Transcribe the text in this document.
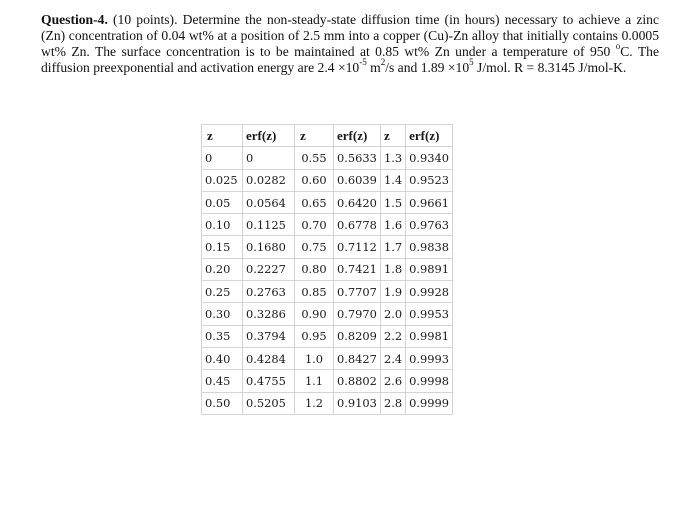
Question-4. (10 points). Determine the non-steady-state diffusion time (in hours) necessary to achieve a zinc (Zn) concentration of 0.04 wt% at a position of 2.5 mm into a copper (Cu)-Zn alloy that initially contains 0.0005 wt% Zn. The surface concentration is to be maintained at 0.85 wt% Zn under a temperature of 950 $^o$C. The diffusion preexponential and activation energy are $2.4 \times 10^{-5}$ $m^2/s$ and $1.89 \times 10^5$ J/mol. R = 8.3145 J/mol-K.
z	erf(z)	z	erf(z)	z	erf(z)
0	0	0.55	0.5633	1.3	0.9340
0.025	0.0282	0.60	0.6039	1.4	0.9523
0.05	0.0564	0.65	0.6420	1.5	0.9661
0.10	0.1125	0.70	0.6778	1.6	0.9763
0.15	0.1680	0.75	0.7112	1.7	0.9838
0.20	0.2227	0.80	0.7421	1.8	0.9891
0.25	0.2763	0.85	0.7707	1.9	0.9928
0.30	0.3286	0.90	0.7970	2.0	0.9953
0.35	0.3794	0.95	0.8209	2.2	0.9981
0.40	0.4284	1.0	0.8427	2.4	0.9993
0.45	0.4755	1.1	0.8802	2.6	0.9998
0.50	0.5205	1.2	0.9103	2.8	0.9999
